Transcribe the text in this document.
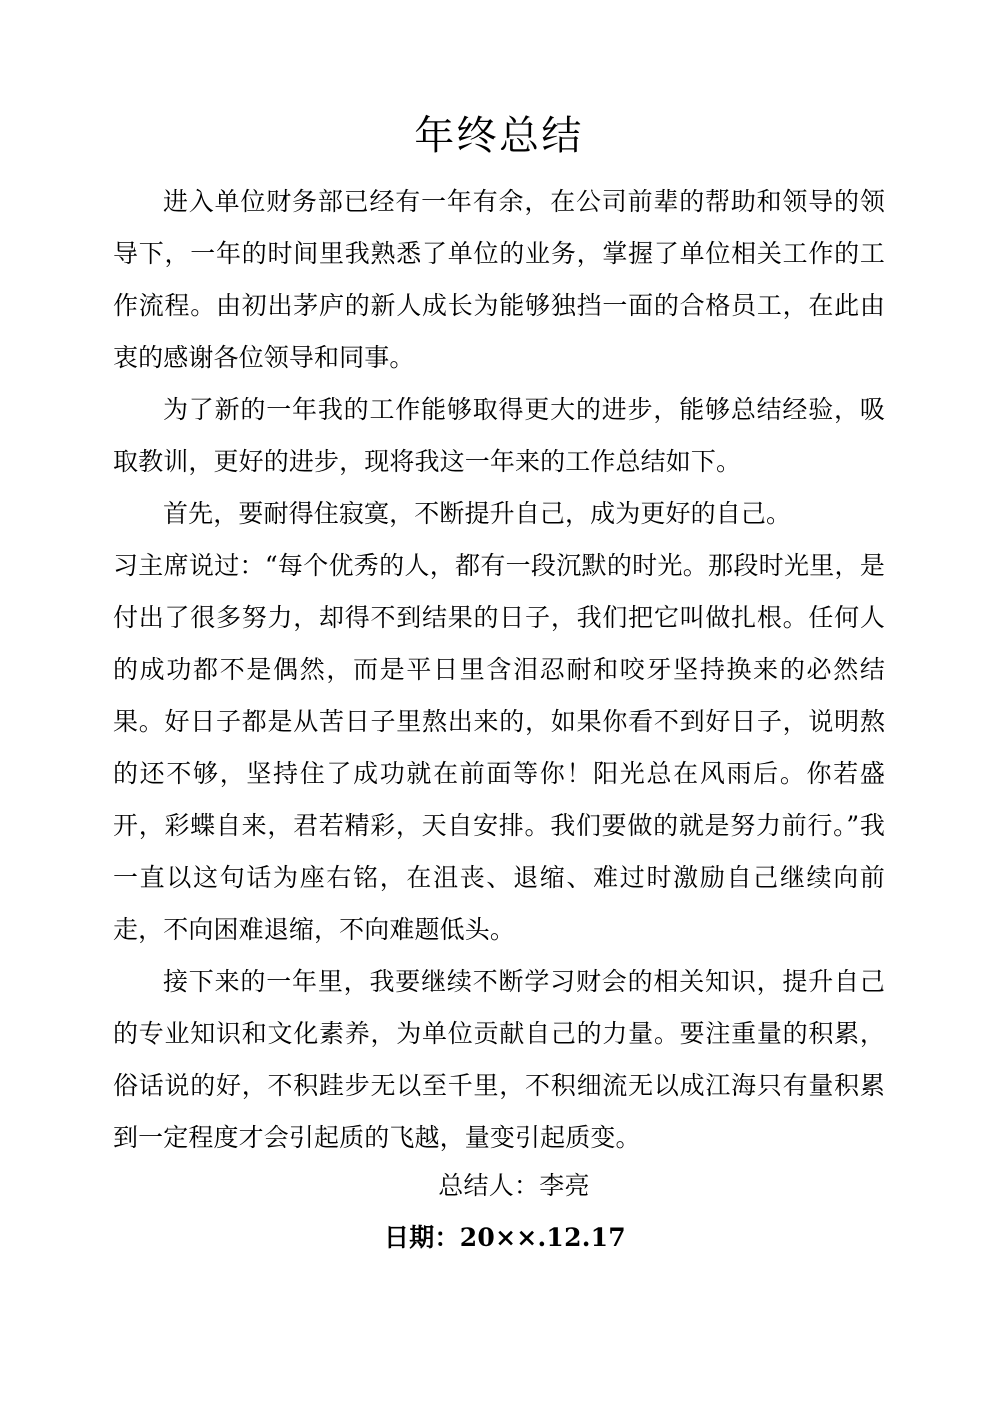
年终总结

进入单位财务部已经有一年有余，在公司前辈的帮助和领导的领导下，一年的时间里我熟悉了单位的业务，掌握了单位相关工作的工作流程。由初出茅庐的新人成长为能够独挡一面的合格员工，在此由衷的感谢各位领导和同事。

为了新的一年我的工作能够取得更大的进步，能够总结经验，吸取教训，更好的进步，现将我这一年来的工作总结如下。

首先，要耐得住寂寞，不断提升自己，成为更好的自己。

习主席说过：“每个优秀的人，都有一段沉默的时光。那段时光里，是付出了很多努力，却得不到结果的日子，我们把它叫做扎根。任何人的成功都不是偶然，而是平日里含泪忍耐和咬牙坚持换来的必然结果。好日子都是从苦日子里熬出来的，如果你看不到好日子，说明熬的还不够，坚持住了成功就在前面等你！阳光总在风雨后。你若盛开，彩蝶自来，君若精彩，天自安排。我们要做的就是努力前行。”我一直以这句话为座右铭，在沮丧、退缩、难过时激励自己继续向前走，不向困难退缩，不向难题低头。

接下来的一年里，我要继续不断学习财会的相关知识，提升自己的专业知识和文化素养，为单位贡献自己的力量。要注重量的积累，俗话说的好，不积跬步无以至千里，不积细流无以成江海只有量积累到一定程度才会引起质的飞越，量变引起质变。

总结人：李亮
日期：20××.12.17
